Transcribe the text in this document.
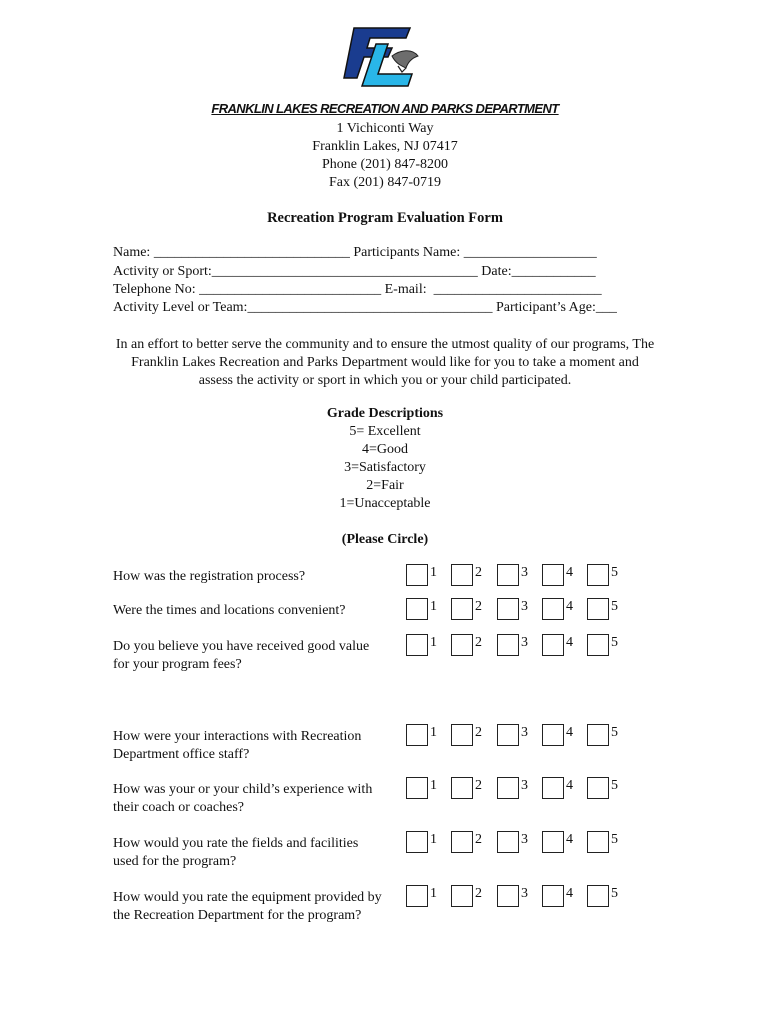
FRANKLIN LAKES RECREATION AND PARKS DEPARTMENT
1 Vichiconti Way
Franklin Lakes, NJ 07417
Phone (201) 847-8200
Fax (201) 847-0719
Recreation Program Evaluation Form
Name: ____________________________ Participants Name: ___________________
Activity or Sport:______________________________________ Date:____________
Telephone No: __________________________ E-mail:  ________________________
Activity Level or Team:___________________________________ Participant’s Age:___
In an effort to better serve the community and to ensure the utmost quality of our programs, The Franklin Lakes Recreation and Parks Department would like for you to take a moment and assess the activity or sport in which you or your child participated.
Grade Descriptions
5= Excellent
4=Good
3=Satisfactory
2=Fair
1=Unacceptable
(Please Circle)
How was the registration process?	1	2	3	4	5
Were the times and locations convenient?	1	2	3	4	5
Do you believe you have received good value
for your program fees?
1	2	3	4	5
How were your interactions with Recreation
Department office staff?
1	2	3	4	5
How was your or your child’s experience with
their coach or coaches?
1	2	3	4	5
How would you rate the fields and facilities
used for the program?
1	2	3	4	5
How would you rate the equipment provided by
the Recreation Department for the program?
1	2	3	4	5
